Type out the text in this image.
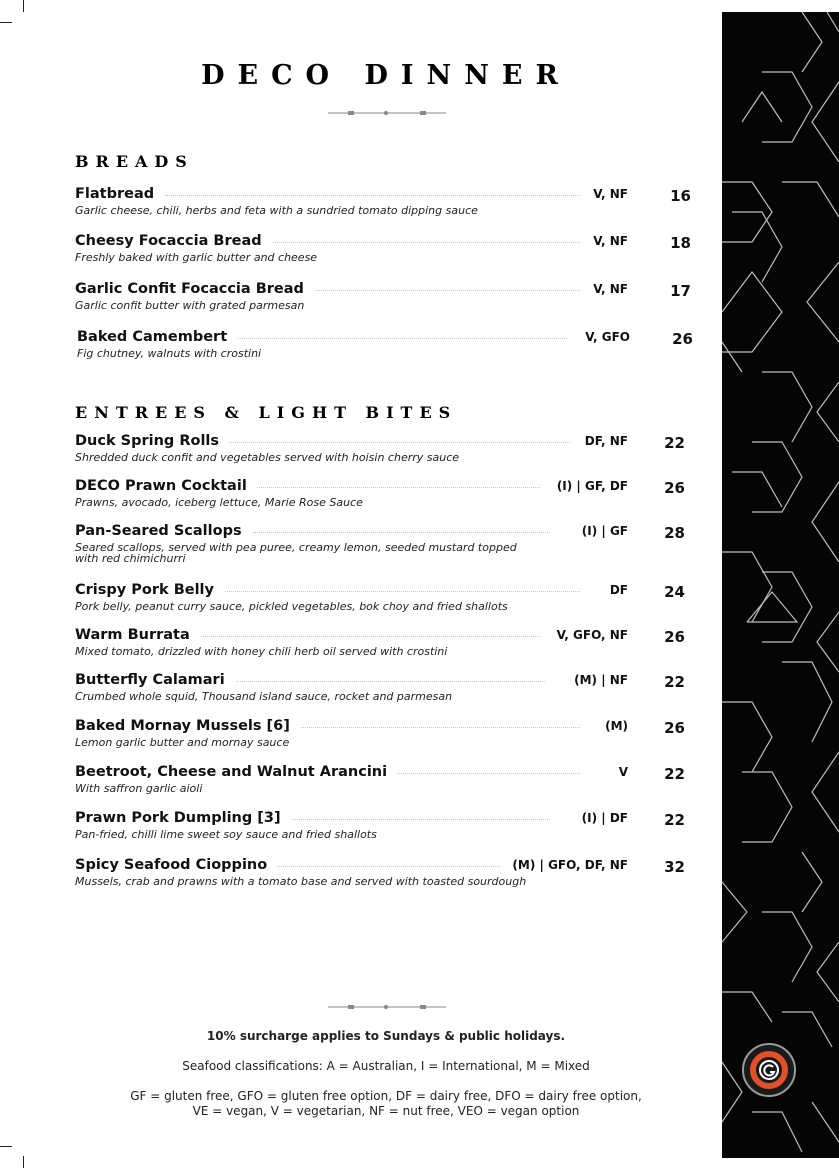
DECO DINNER
BREADS
Flatbread	V, NF	16
Garlic cheese, chili, herbs and feta with a sundried tomato dipping sauce
Cheesy Focaccia Bread	V, NF	18
Freshly baked with garlic butter and cheese
Garlic Confit Focaccia Bread	V, NF	17
Garlic confit butter with grated parmesan
Baked Camembert	V, GFO	26
Fig chutney, walnuts with crostini
ENTREES & LIGHT BITES
Duck Spring Rolls	DF, NF	22
Shredded duck confit and vegetables served with hoisin cherry sauce
DECO Prawn Cocktail	(I) | GF, DF	26
Prawns, avocado, iceberg lettuce, Marie Rose Sauce
Pan-Seared Scallops	(I) | GF	28
Seared scallops, served with pea puree, creamy lemon, seeded mustard topped with red chimichurri
Crispy Pork Belly	DF	24
Pork belly, peanut curry sauce, pickled vegetables, bok choy and fried shallots
Warm Burrata	V, GFO, NF	26
Mixed tomato, drizzled with honey chili herb oil served with crostini
Butterfly Calamari	(M) | NF	22
Crumbed whole squid, Thousand island sauce, rocket and parmesan
Baked Mornay Mussels [6]	(M)	26
Lemon garlic butter and mornay sauce
Beetroot, Cheese and Walnut Arancini	V	22
With saffron garlic aioli
Prawn Pork Dumpling [3]	(I) | DF	22
Pan-fried, chilli lime sweet soy sauce and fried shallots
Spicy Seafood Cioppino	(M) | GFO, DF, NF	32
Mussels, crab and prawns with a tomato base and served with toasted sourdough
10% surcharge applies to Sundays & public holidays.
Seafood classifications: A = Australian, I = International, M = Mixed
GF = gluten free, GFO = gluten free option, DF = dairy free, DFO = dairy free option,
VE = vegan, V = vegetarian, NF = nut free, VEO = vegan option
